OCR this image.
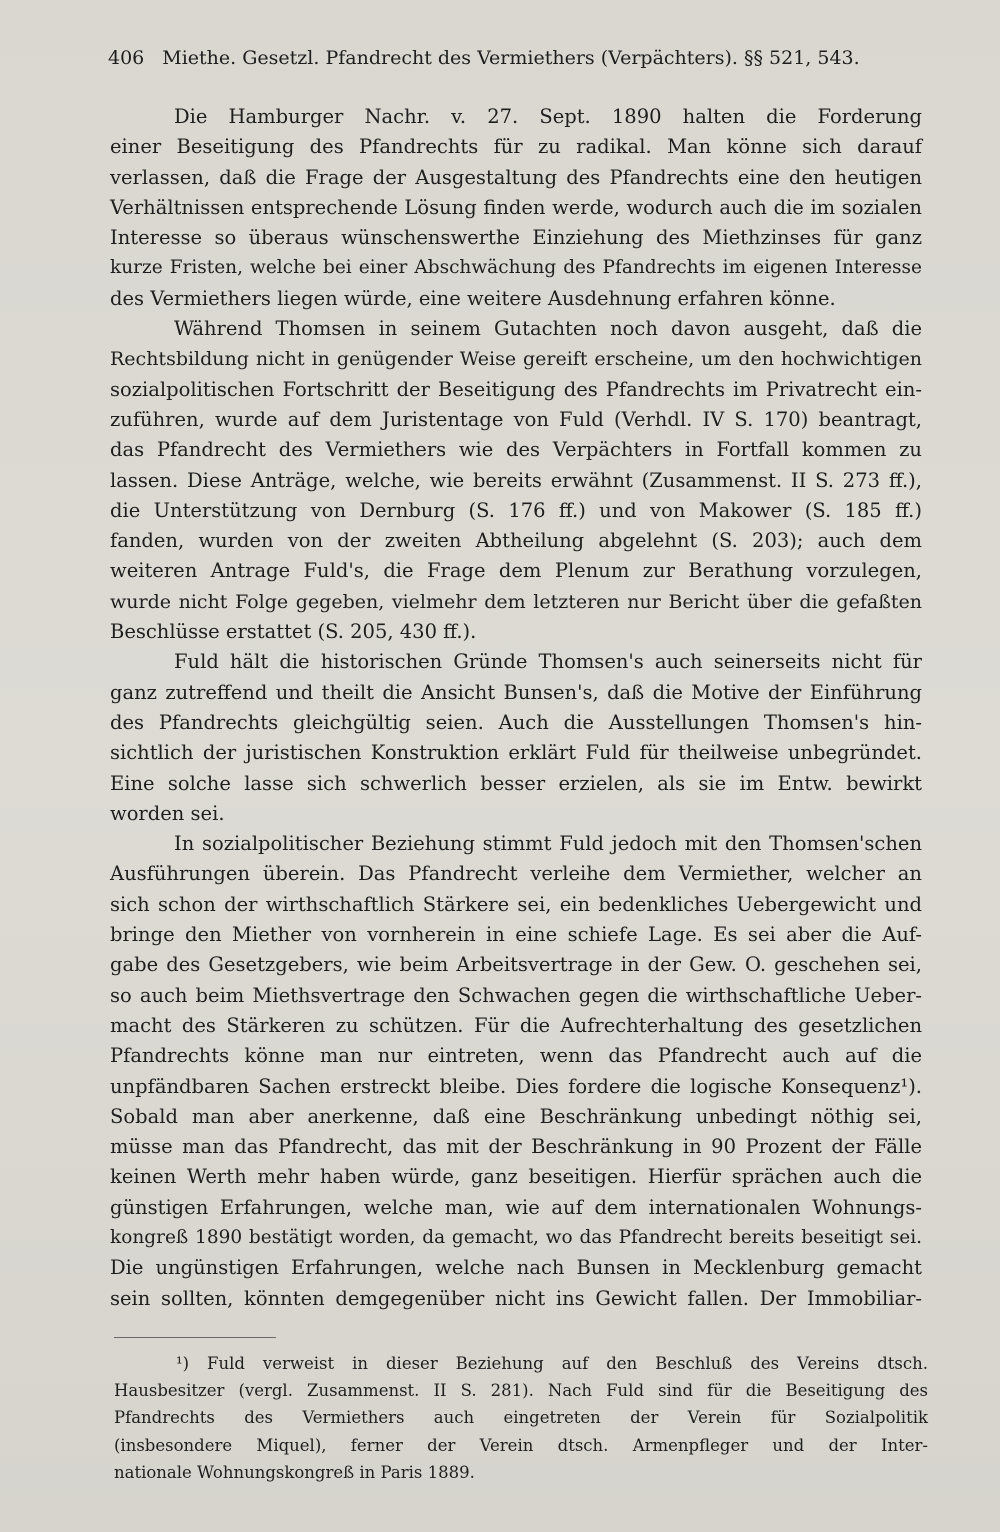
406 Miethe. Gesetzl. Pfandrecht des Vermiethers (Verpächters). §§ 521, 543.
Die Hamburger Nachr. v. 27. Sept. 1890 halten die Forderung
einer Beseitigung des Pfandrechts für zu radikal. Man könne sich darauf
verlassen, daß die Frage der Ausgestaltung des Pfandrechts eine den heutigen
Verhältnissen entsprechende Lösung finden werde, wodurch auch die im sozialen
Interesse so überaus wünschenswerthe Einziehung des Miethzinses für ganz
kurze Fristen, welche bei einer Abschwächung des Pfandrechts im eigenen Interesse
des Vermiethers liegen würde, eine weitere Ausdehnung erfahren könne.
Während Thomsen in seinem Gutachten noch davon ausgeht, daß die
Rechtsbildung nicht in genügender Weise gereift erscheine, um den hochwichtigen
sozialpolitischen Fortschritt der Beseitigung des Pfandrechts im Privatrecht ein-
zuführen, wurde auf dem Juristentage von Fuld (Verhdl. IV S. 170) beantragt,
das Pfandrecht des Vermiethers wie des Verpächters in Fortfall kommen zu
lassen. Diese Anträge, welche, wie bereits erwähnt (Zusammenst. II S. 273 ff.),
die Unterstützung von Dernburg (S. 176 ff.) und von Makower (S. 185 ff.)
fanden, wurden von der zweiten Abtheilung abgelehnt (S. 203); auch dem
weiteren Antrage Fuld's, die Frage dem Plenum zur Berathung vorzulegen,
wurde nicht Folge gegeben, vielmehr dem letzteren nur Bericht über die gefaßten
Beschlüsse erstattet (S. 205, 430 ff.).
Fuld hält die historischen Gründe Thomsen's auch seinerseits nicht für
ganz zutreffend und theilt die Ansicht Bunsen's, daß die Motive der Einführung
des Pfandrechts gleichgültig seien. Auch die Ausstellungen Thomsen's hin-
sichtlich der juristischen Konstruktion erklärt Fuld für theilweise unbegründet.
Eine solche lasse sich schwerlich besser erzielen, als sie im Entw. bewirkt
worden sei.
In sozialpolitischer Beziehung stimmt Fuld jedoch mit den Thomsen'schen
Ausführungen überein. Das Pfandrecht verleihe dem Vermiether, welcher an
sich schon der wirthschaftlich Stärkere sei, ein bedenkliches Uebergewicht und
bringe den Miether von vornherein in eine schiefe Lage. Es sei aber die Auf-
gabe des Gesetzgebers, wie beim Arbeitsvertrage in der Gew. O. geschehen sei,
so auch beim Miethsvertrage den Schwachen gegen die wirthschaftliche Ueber-
macht des Stärkeren zu schützen. Für die Aufrechterhaltung des gesetzlichen
Pfandrechts könne man nur eintreten, wenn das Pfandrecht auch auf die
unpfändbaren Sachen erstreckt bleibe. Dies fordere die logische Konsequenz¹).
Sobald man aber anerkenne, daß eine Beschränkung unbedingt nöthig sei,
müsse man das Pfandrecht, das mit der Beschränkung in 90 Prozent der Fälle
keinen Werth mehr haben würde, ganz beseitigen. Hierfür sprächen auch die
günstigen Erfahrungen, welche man, wie auf dem internationalen Wohnungs-
kongreß 1890 bestätigt worden, da gemacht, wo das Pfandrecht bereits beseitigt sei.
Die ungünstigen Erfahrungen, welche nach Bunsen in Mecklenburg gemacht
sein sollten, könnten demgegenüber nicht ins Gewicht fallen. Der Immobiliar-
¹) Fuld verweist in dieser Beziehung auf den Beschluß des Vereins dtsch.
Hausbesitzer (vergl. Zusammenst. II S. 281). Nach Fuld sind für die Beseitigung des
Pfandrechts des Vermiethers auch eingetreten der Verein für Sozialpolitik
(insbesondere Miquel), ferner der Verein dtsch. Armenpfleger und der Inter-
nationale Wohnungskongreß in Paris 1889.
